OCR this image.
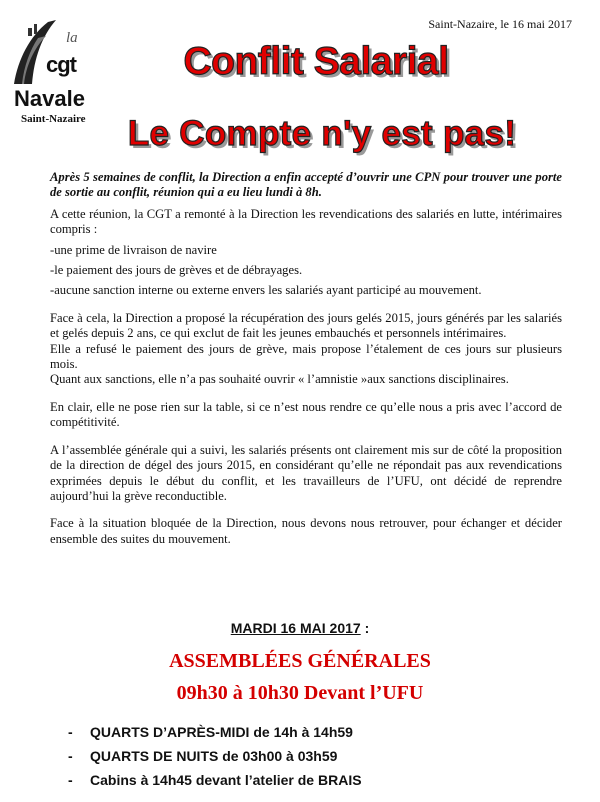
la
cgt
Navale
Saint-Nazaire
Saint-Nazaire, le 16 mai 2017
Conflit Salarial
Le Compte n'y est pas!

Après 5 semaines de conflit, la Direction a enfin accepté d’ouvrir une CPN pour trouver une porte de sortie au conflit, réunion qui a eu lieu lundi à 8h.

A cette réunion, la CGT a remonté à la Direction les revendications des salariés en lutte, intérimaires compris :

-une prime de livraison de navire

-le paiement des jours de grèves et de débrayages.

-aucune sanction interne ou externe envers les salariés ayant participé au mouvement.

Face à cela, la Direction a proposé la récupération des jours gelés 2015, jours générés par les salariés et gelés depuis 2 ans, ce qui exclut de fait les jeunes embauchés et personnels intérimaires.

Elle a refusé le paiement des jours de grève, mais propose l’étalement de ces jours sur plusieurs mois.

Quant aux sanctions, elle n’a pas souhaité ouvrir « l’amnistie »aux sanctions disciplinaires.

En clair, elle ne pose rien sur la table, si ce n’est nous rendre ce qu’elle nous a pris avec l’accord de compétitivité.

A l’assemblée générale qui a suivi, les salariés présents ont clairement mis sur de côté la proposition de la direction de dégel des jours 2015, en considérant qu’elle ne répondait pas aux revendications exprimées depuis le début du conflit, et les travailleurs de l’UFU, ont décidé de reprendre aujourd’hui la grève reconductible.

Face à la situation bloquée de la Direction, nous devons nous retrouver, pour échanger et décider ensemble des suites du mouvement.

MARDI 16 MAI 2017 :
ASSEMBLÉES GÉNÉRALES
09h30 à 10h30 Devant l’UFU
-	QUARTS D’APRÈS-MIDI de 14h à 14h59
-	QUARTS DE NUITS de 03h00 à 03h59
-	Cabins à 14h45 devant l’atelier de BRAIS
